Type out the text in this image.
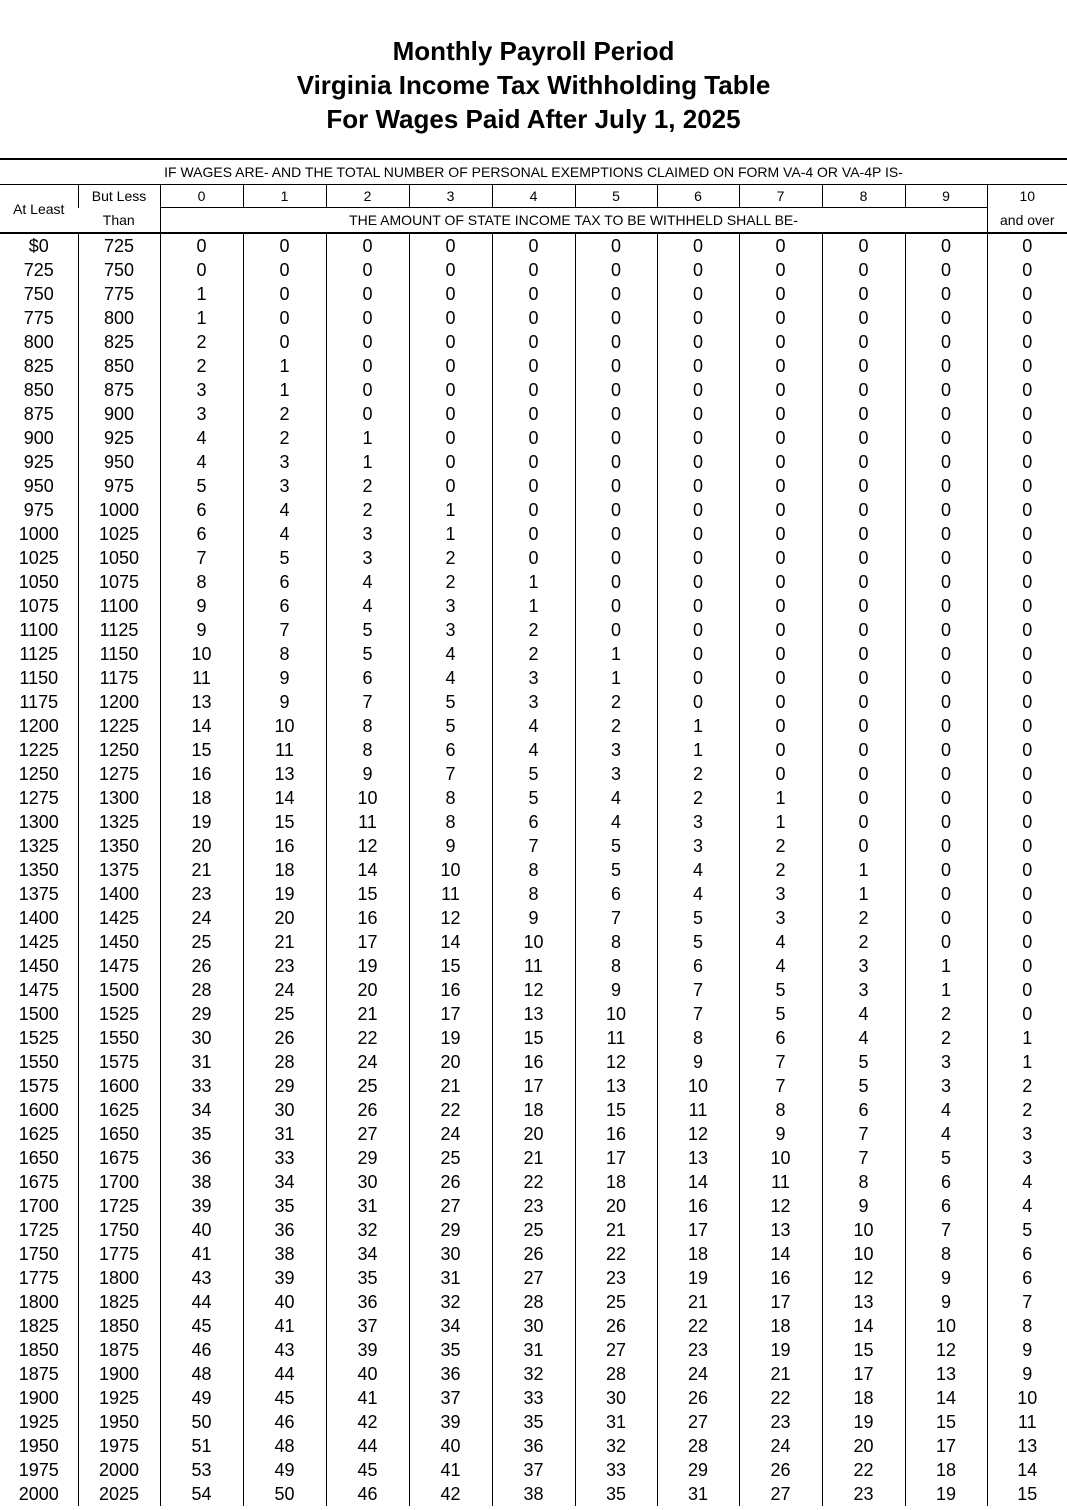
Monthly Payroll Period
Virginia Income Tax Withholding Table
For Wages Paid After July 1, 2025
IF WAGES ARE- AND THE TOTAL NUMBER OF PERSONAL EXEMPTIONS CLAIMED ON FORM VA-4 OR VA-4P IS-												
At Least	But Less	0	1	2	3	4	5	6	7	8	9	10
	Than	THE AMOUNT OF STATE INCOME TAX TO BE WITHHELD SHALL BE-										and over
$0	725	0	0	0	0	0	0	0	0	0	0	0
725	750	0	0	0	0	0	0	0	0	0	0	0
750	775	1	0	0	0	0	0	0	0	0	0	0
775	800	1	0	0	0	0	0	0	0	0	0	0
800	825	2	0	0	0	0	0	0	0	0	0	0
825	850	2	1	0	0	0	0	0	0	0	0	0
850	875	3	1	0	0	0	0	0	0	0	0	0
875	900	3	2	0	0	0	0	0	0	0	0	0
900	925	4	2	1	0	0	0	0	0	0	0	0
925	950	4	3	1	0	0	0	0	0	0	0	0
950	975	5	3	2	0	0	0	0	0	0	0	0
975	1000	6	4	2	1	0	0	0	0	0	0	0
1000	1025	6	4	3	1	0	0	0	0	0	0	0
1025	1050	7	5	3	2	0	0	0	0	0	0	0
1050	1075	8	6	4	2	1	0	0	0	0	0	0
1075	1100	9	6	4	3	1	0	0	0	0	0	0
1100	1125	9	7	5	3	2	0	0	0	0	0	0
1125	1150	10	8	5	4	2	1	0	0	0	0	0
1150	1175	11	9	6	4	3	1	0	0	0	0	0
1175	1200	13	9	7	5	3	2	0	0	0	0	0
1200	1225	14	10	8	5	4	2	1	0	0	0	0
1225	1250	15	11	8	6	4	3	1	0	0	0	0
1250	1275	16	13	9	7	5	3	2	0	0	0	0
1275	1300	18	14	10	8	5	4	2	1	0	0	0
1300	1325	19	15	11	8	6	4	3	1	0	0	0
1325	1350	20	16	12	9	7	5	3	2	0	0	0
1350	1375	21	18	14	10	8	5	4	2	1	0	0
1375	1400	23	19	15	11	8	6	4	3	1	0	0
1400	1425	24	20	16	12	9	7	5	3	2	0	0
1425	1450	25	21	17	14	10	8	5	4	2	0	0
1450	1475	26	23	19	15	11	8	6	4	3	1	0
1475	1500	28	24	20	16	12	9	7	5	3	1	0
1500	1525	29	25	21	17	13	10	7	5	4	2	0
1525	1550	30	26	22	19	15	11	8	6	4	2	1
1550	1575	31	28	24	20	16	12	9	7	5	3	1
1575	1600	33	29	25	21	17	13	10	7	5	3	2
1600	1625	34	30	26	22	18	15	11	8	6	4	2
1625	1650	35	31	27	24	20	16	12	9	7	4	3
1650	1675	36	33	29	25	21	17	13	10	7	5	3
1675	1700	38	34	30	26	22	18	14	11	8	6	4
1700	1725	39	35	31	27	23	20	16	12	9	6	4
1725	1750	40	36	32	29	25	21	17	13	10	7	5
1750	1775	41	38	34	30	26	22	18	14	10	8	6
1775	1800	43	39	35	31	27	23	19	16	12	9	6
1800	1825	44	40	36	32	28	25	21	17	13	9	7
1825	1850	45	41	37	34	30	26	22	18	14	10	8
1850	1875	46	43	39	35	31	27	23	19	15	12	9
1875	1900	48	44	40	36	32	28	24	21	17	13	9
1900	1925	49	45	41	37	33	30	26	22	18	14	10
1925	1950	50	46	42	39	35	31	27	23	19	15	11
1950	1975	51	48	44	40	36	32	28	24	20	17	13
1975	2000	53	49	45	41	37	33	29	26	22	18	14
2000	2025	54	50	46	42	38	35	31	27	23	19	15
